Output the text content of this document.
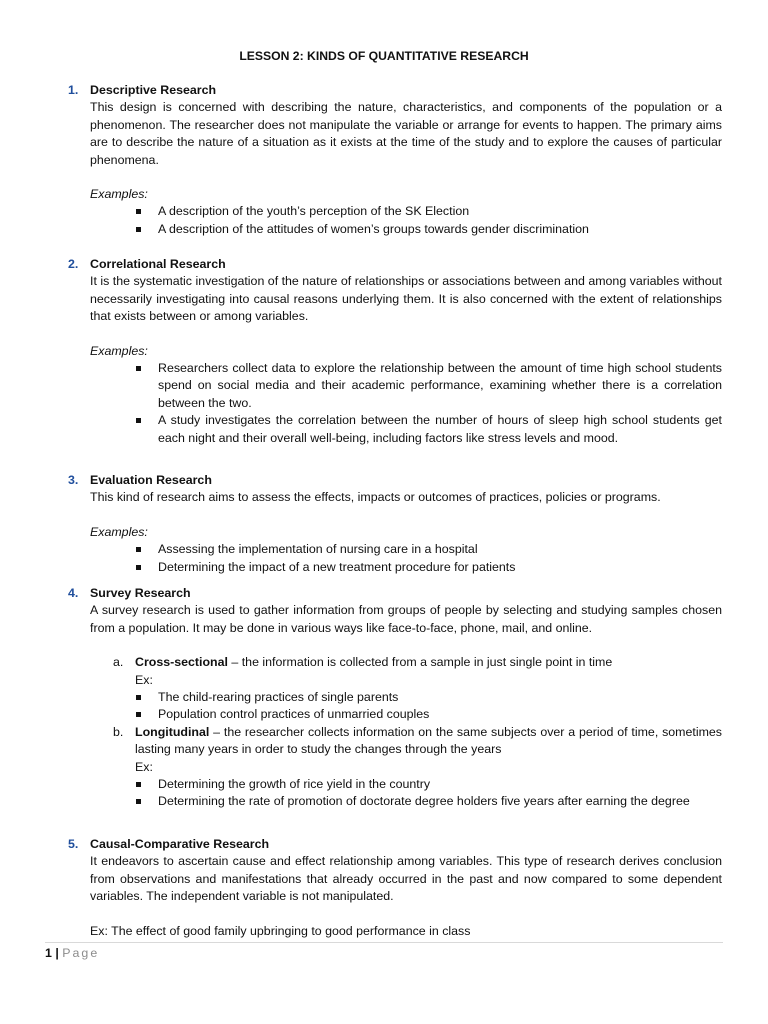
LESSON 2: KINDS OF QUANTITATIVE RESEARCH
1. Descriptive Research
This design is concerned with describing the nature, characteristics, and components of the population or a phenomenon. The researcher does not manipulate the variable or arrange for events to happen. The primary aims are to describe the nature of a situation as it exists at the time of the study and to explore the causes of particular phenomena.
Examples:
A description of the youth’s perception of the SK Election
A description of the attitudes of women’s groups towards gender discrimination
2. Correlational Research
It is the systematic investigation of the nature of relationships or associations between and among variables without necessarily investigating into causal reasons underlying them. It is also concerned with the extent of relationships that exists between or among variables.
Examples:
Researchers collect data to explore the relationship between the amount of time high school students spend on social media and their academic performance, examining whether there is a correlation between the two.
A study investigates the correlation between the number of hours of sleep high school students get each night and their overall well-being, including factors like stress levels and mood.
3. Evaluation Research
This kind of research aims to assess the effects, impacts or outcomes of practices, policies or programs.
Examples:
Assessing the implementation of nursing care in a hospital
Determining the impact of a new treatment procedure for patients
4. Survey Research
A survey research is used to gather information from groups of people by selecting and studying samples chosen from a population. It may be done in various ways like face-to-face, phone, mail, and online.
a. Cross-sectional – the information is collected from a sample in just single point in time
Ex:
The child-rearing practices of single parents
Population control practices of unmarried couples
b. Longitudinal – the researcher collects information on the same subjects over a period of time, sometimes lasting many years in order to study the changes through the years
Ex:
Determining the growth of rice yield in the country
Determining the rate of promotion of doctorate degree holders five years after earning the degree
5. Causal-Comparative Research
It endeavors to ascertain cause and effect relationship among variables. This type of research derives conclusion from observations and manifestations that already occurred in the past and now compared to some dependent variables. The independent variable is not manipulated.
Ex: The effect of good family upbringing to good performance in class
1 | Page
